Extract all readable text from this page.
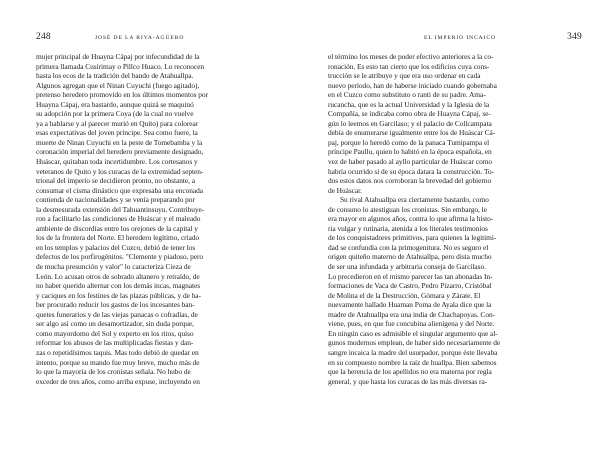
248	JOSÉ DE LA RIVA-AGÜERO
mujer principal de Huayna Cápaj por infecundidad de la
primera llamada Cusirimay o Pillco Huaco. Lo reconocen
hasta los ecos de la tradición del bando de Atahuallpa.
Algunos agregan que el Ninan Cuyuchi (fuego agitado),
pretenso heredero promovido en los últimos momentos por
Huayna Cápaj, era bastardo, aunque quizá se maquinó
su adopción por la primera Coya (de la cual no vuelve
ya a hablarse y al parecer murió en Quito) para colorear
esas expectativas del joven príncipe. Sea como fuere, la
muerte de Ninan Cuyuchi en la peste de Tomebamba y la
coronación imperial del heredero previamente designado,
Huáscar, quitaban toda incertidumbre. Los cortesanos y
veteranos de Quito y los curacas de la extremidad septen-
trional del imperio se decidieron pronto, no obstante, a
consumar el cisma dinástico que expresaba una enconada
contienda de nacionalidades y se venía preparando por
la desmesurada extensión del Tahuantinsuyu. Contribuye-
ron a facilitarlo las condiciones de Huáscar y el maleado
ambiente de discordias entre los orejones de la capital y
los de la frontera del Norte. El heredero legítimo, criado
en los templos y palacios del Cuzco, debió de tener los
defectos de los porfirogénitos. "Clemente y piadoso, pero
de mucha presunción y valor" lo caracteriza Cieza de
León. Lo acusan otros de sobrado altanero y retraído, de
no haber querido alternar con los demás incas, magnates
y caciques en los festines de las plazas públicas, y de ha-
ber procurado reducir los gastos de los incesantes ban-
quetes funerarios y de las viejas panacas o cofradías, de
ser algo así como un desamortizador, sin duda porque,
como mayordomo del Sol y experto en los ritos, quiso
reformar los abusos de las multiplicadas fiestas y dan-
zas o repetidísimos taquis. Mas todo debió de quedar en
intento, porque su mando fue muy breve, mucho más de
lo que la mayoría de los cronistas señala. No hubo de
exceder de tres años, como arriba expuse, incluyendo en
EL IMPERIO INCAICO	349
el término los meses de poder efectivo anteriores a la co-
ronación. Es esto tan cierto que los edificios cuya cons-
trucción se le atribuye y que era uso ordenar en cada
nuevo período, han de haberse iniciado cuando gobernaba
en el Cuzco como substituto o ranti de su padre. Ama-
rucancha, que es la actual Universidad y la Iglesia de la
Compañía, se indicaba como obra de Huayna Cápaj, se-
gún lo leemos en Garcilaso; y el palacio de Collcampata
debía de enumerarse igualmente entre los de Huáscar Cá-
paj, porque lo heredó como de la panaca Tumipampa el
príncipe Paullu, quien lo habitó en la época española, en
vez de haber pasado al ayllo particular de Huáscar como
habría ocurrido si de su época datara la construcción. To-
dos estos datos nos corroboran la brevedad del gobierno
de Huáscar.
Su rival Atahuallpa era ciertamente bastardo, como
de consuno lo atestiguan los cronistas. Sin embargo, le
era mayor en algunos años, contra lo que afirma la histo-
ria vulgar y rutinaria, atenida a los literales testimonios
de los conquistadores primitivos, para quienes la legitimi-
dad se confundía con la primogenitura. No es seguro el
origen quiteño materno de Atahuallpa, pero dista mucho
de ser una infundada y arbitraria conseja de Garcilaso.
Lo precedieron en el mismo parecer las tan abonadas In-
formaciones de Vaca de Castro, Pedro Pizarro, Cristóbal
de Molina el de la Destrucción, Gómara y Zárate. El
nuevamente hallado Huaman Poma de Ayala dice que la
madre de Atahuallpa era una india de Chachapoyas. Con-
viene, pues, en que fue concubina alienígena y del Norte.
En ningún caso es admisible el singular argumento que al-
gunos modernos emplean, de haber sido necesariamente de
sangre incaica la madre del usurpador, porque éste llevaba
en su compuesto nombre la raíz de huallpa. Bien sabemos
que la herencia de los apellidos no era materna por regla
general, y que hasta los curacas de las más diversas ra-
